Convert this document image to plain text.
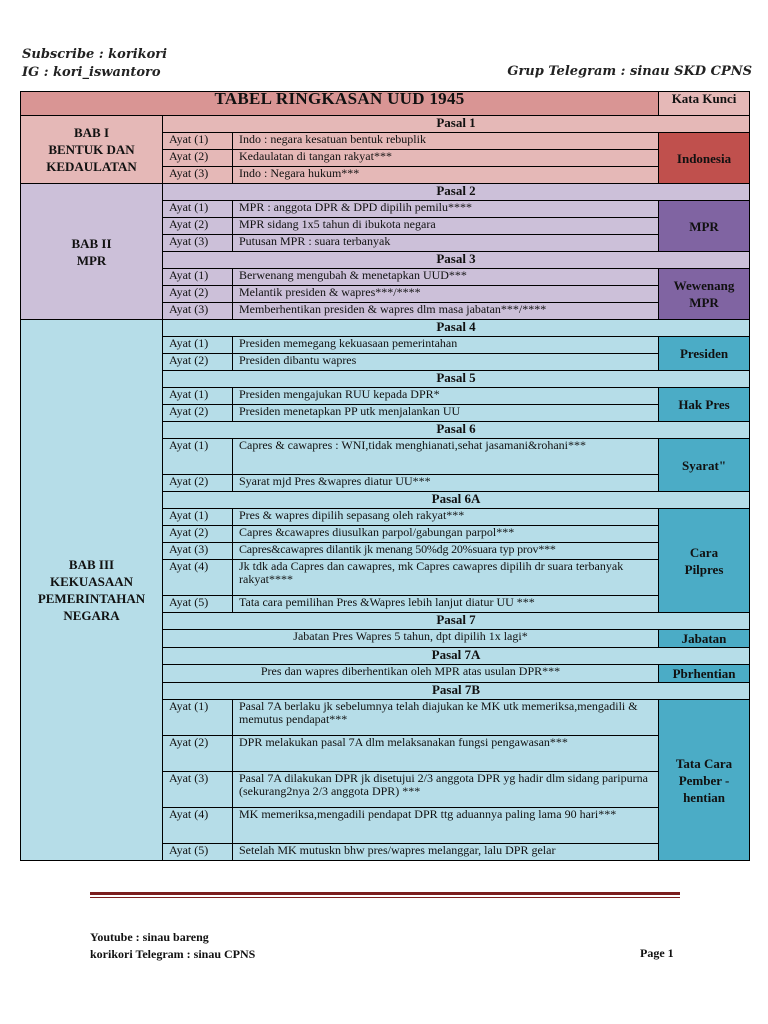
Subscribe : korikori
IG : kori_iswantoro	Grup Telegram : sinau SKD CPNS
TABEL RINGKASAN UUD 1945			Kata Kunci
BAB I
BENTUK DAN
KEDAULATAN	Pasal 1		
	Ayat (1)	Indo : negara kesatuan bentuk rebuplik	Indonesia
	Ayat (2)	Kedaulatan di tangan rakyat***	
	Ayat (3)	Indo : Negara hukum***	
BAB II
MPR	Pasal 2		
	Ayat (1)	MPR : anggota DPR & DPD dipilih pemilu****	MPR
	Ayat (2)	MPR sidang 1x5 tahun di ibukota negara	
	Ayat (3)	Putusan MPR : suara terbanyak	
	Pasal 3		
	Ayat (1)	Berwenang mengubah & menetapkan UUD***	Wewenang
MPR
	Ayat (2)	Melantik presiden & wapres***/****	
	Ayat (3)	Memberhentikan presiden & wapres dlm masa jabatan***/****	
BAB III
KEKUASAAN
PEMERINTAHAN
NEGARA	Pasal 4		
	Ayat (1)	Presiden memegang kekuasaan pemerintahan	Presiden
	Ayat (2)	Presiden dibantu wapres	
	Pasal 5		
	Ayat (1)	Presiden mengajukan RUU kepada DPR*	Hak Pres
	Ayat (2)	Presiden menetapkan PP utk menjalankan UU	
	Pasal 6		
	Ayat (1)	Capres & cawapres : WNI,tidak menghianati,sehat jasamani&rohani***	Syarat"
	Ayat (2)	Syarat mjd Pres &wapres diatur UU***	
	Pasal 6A		
	Ayat (1)	Pres & wapres dipilih sepasang oleh rakyat***	Cara
Pilpres
	Ayat (2)	Capres &cawapres diusulkan parpol/gabungan parpol***	
	Ayat (3)	Capres&cawapres dilantik jk menang 50%dg 20%suara typ prov***	
	Ayat (4)	Jk tdk ada Capres dan cawapres, mk Capres cawapres dipilih dr suara terbanyak rakyat****	
	Ayat (5)	Tata cara pemilihan Pres &Wapres lebih lanjut diatur UU ***	
	Pasal 7		
	Jabatan Pres Wapres 5 tahun, dpt dipilih 1x lagi*		Jabatan
	Pasal 7A		
	Pres dan wapres diberhentikan oleh MPR atas usulan DPR***		Pbrhentian
	Pasal 7B		
	Ayat (1)	Pasal 7A berlaku jk sebelumnya telah diajukan ke MK utk memeriksa,mengadili & memutus pendapat***	Tata Cara
Pember -
hentian
	Ayat (2)	DPR melakukan pasal 7A dlm melaksanakan fungsi pengawasan***	
	Ayat (3)	Pasal 7A dilakukan DPR jk disetujui 2/3 anggota DPR yg hadir dlm sidang paripurna (sekurang2nya 2/3 anggota DPR) ***	
	Ayat (4)	MK memeriksa,mengadili pendapat DPR ttg aduannya paling lama 90 hari***	
	Ayat (5)	Setelah MK mutuskn bhw pres/wapres melanggar, lalu DPR gelar	
Youtube : sinau bareng
korikori Telegram : sinau CPNS	Page 1
